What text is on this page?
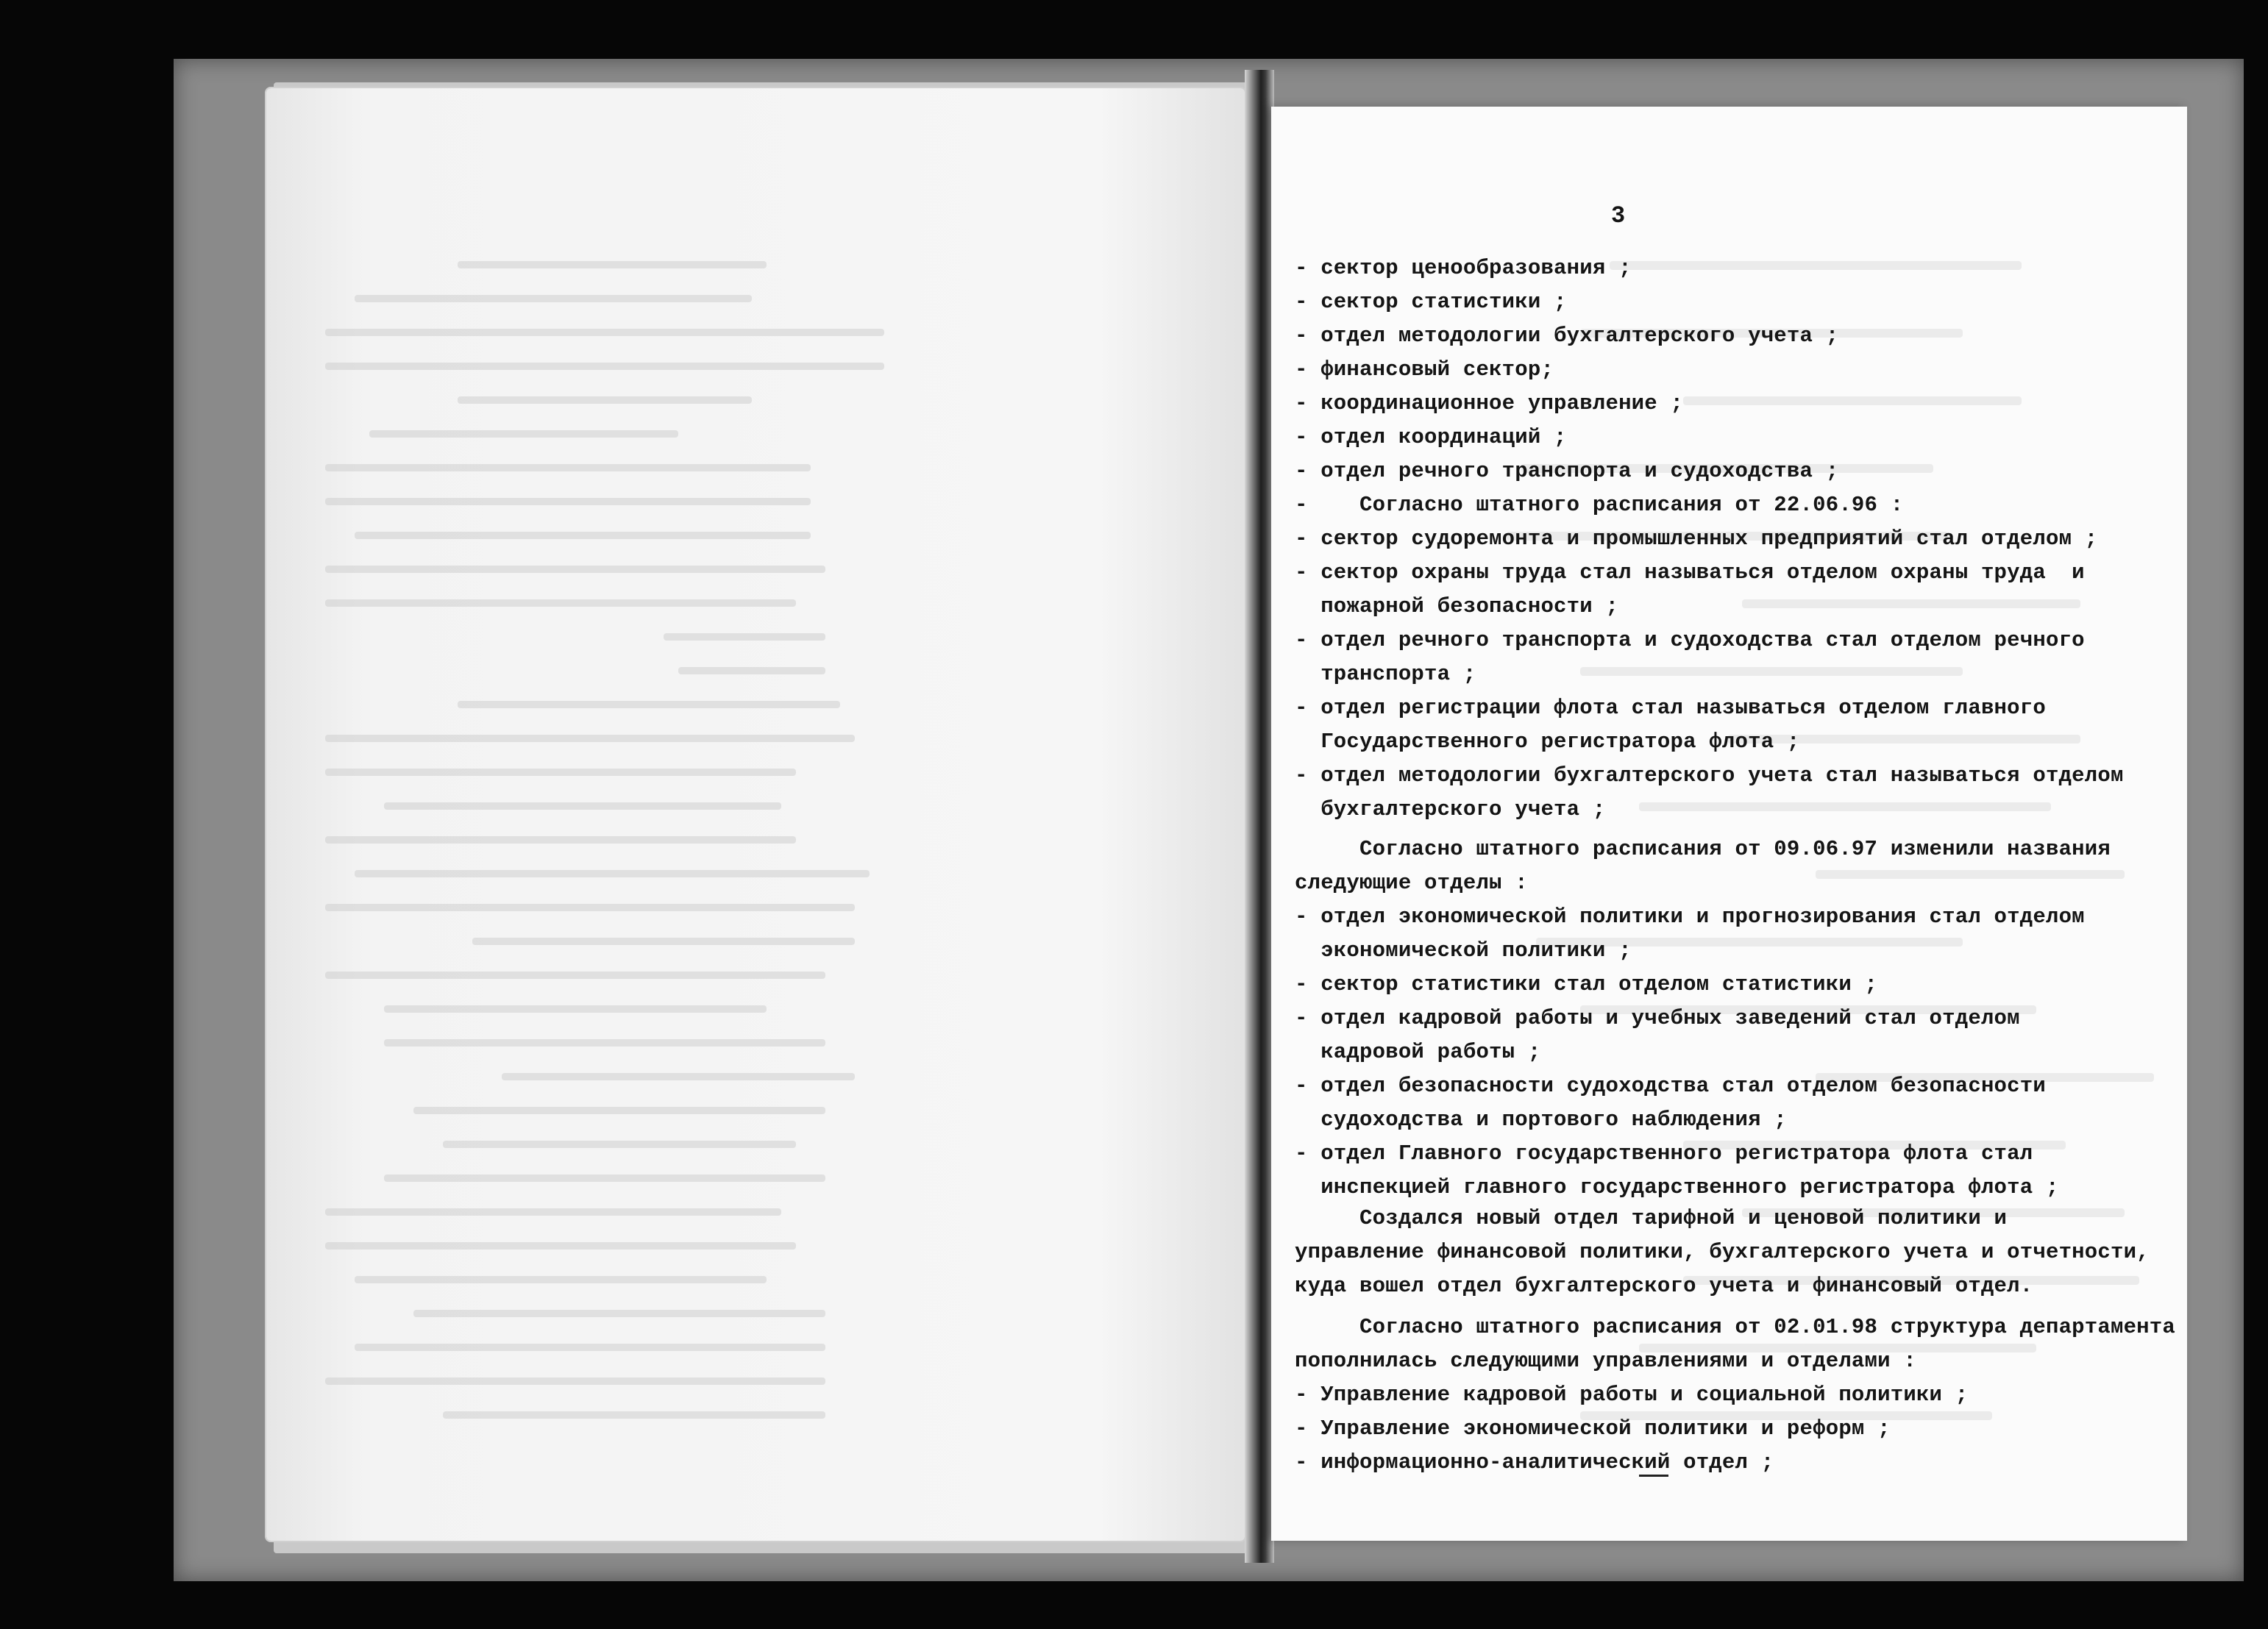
3
- сектор ценообразования ;
- сектор статистики ;
- отдел методологии бухгалтерского учета ;
- финансовый сектор;
- координационное управление ;
- отдел координаций ;
- отдел речного транспорта и судоходства ;
-    Согласно штатного расписания от 22.06.96 :
- сектор судоремонта и промышленных предприятий стал отделом ;
- сектор охраны труда стал называться отделом охраны труда  и
пожарной безопасности ;
- отдел речного транспорта и судоходства стал отделом речного
транспорта ;
- отдел регистрации флота стал называться отделом главного
Государственного регистратора флота ;
- отдел методологии бухгалтерского учета стал называться отделом
бухгалтерского учета ;
Согласно штатного расписания от 09.06.97 изменили названия
следующие отделы :
- отдел экономической политики и прогнозирования стал отделом
экономической политики ;
- сектор статистики стал отделом статистики ;
- отдел кадровой работы и учебных заведений стал отделом
кадровой работы ;
- отдел безопасности судоходства стал отделом безопасности
судоходства и портового наблюдения ;
- отдел Главного государственного регистратора флота стал
инспекцией главного государственного регистратора флота ;
Создался новый отдел тарифной и ценовой политики и
управление финансовой политики, бухгалтерского учета и отчетности,
куда вошел отдел бухгалтерского учета и финансовый отдел.
Согласно штатного расписания от 02.01.98 структура департамента
пополнилась следующими управлениями и отделами :
- Управление кадровой работы и социальной политики ;
- Управление экономической политики и реформ ;
- информационно-аналитический отдел ;
